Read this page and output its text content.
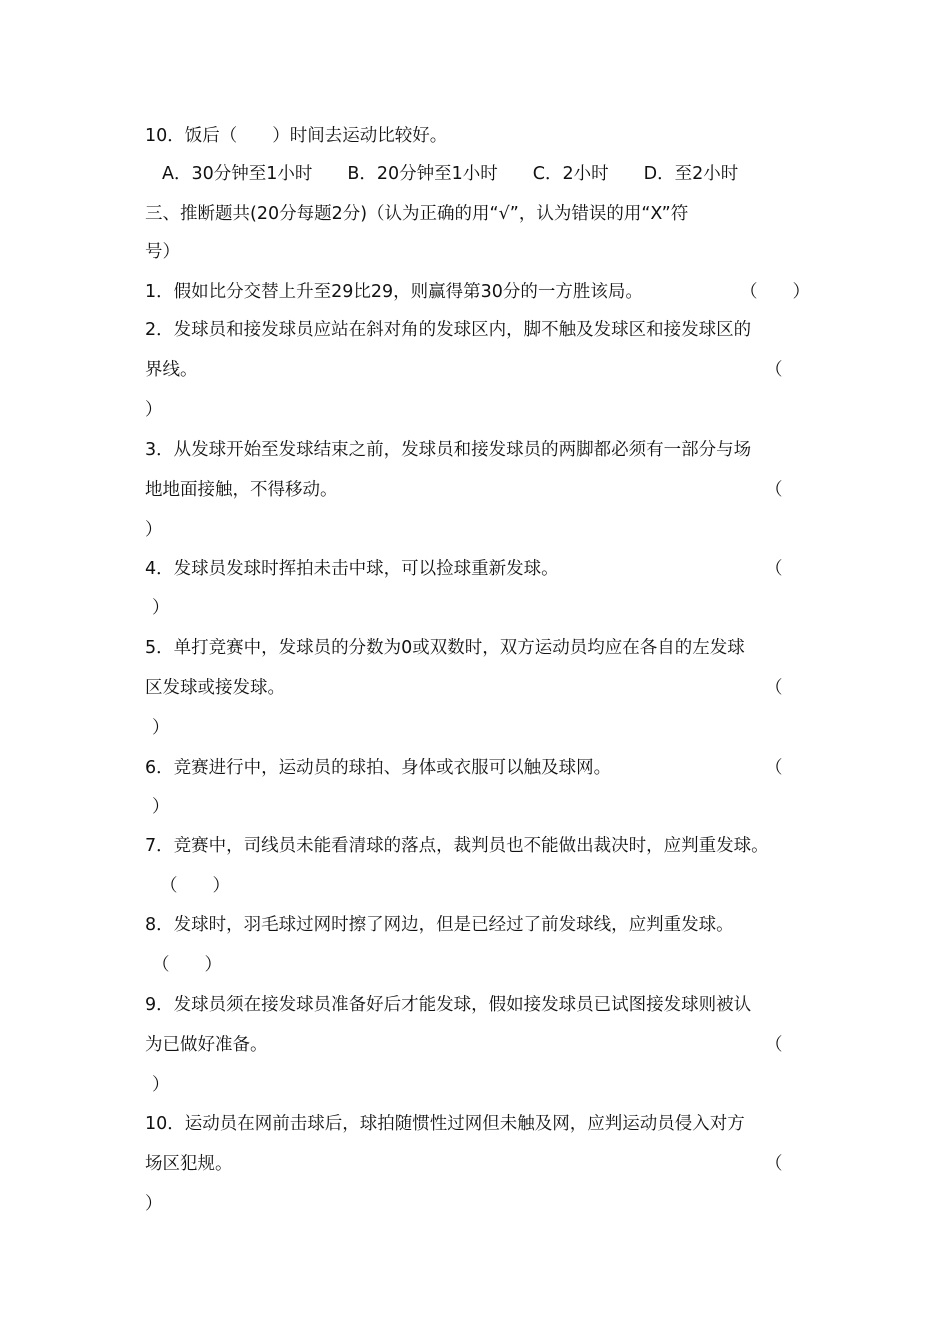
10．饭后（　　）时间去运动比较好。

A．30分钟至1小时　　B．20分钟至1小时　　C．2小时　　D．至2小时

三、推断题共(20分每题2分)（认为正确的用“√”，认为错误的用“X”符

号）

1．假如比分交替上升至29比29，则赢得第30分的一方胜该局。	（　　）

2．发球员和接发球员应站在斜对角的发球区内，脚不触及发球区和接发球区的

界线。	（
）

3．从发球开始至发球结束之前，发球员和接发球员的两脚都必须有一部分与场

地地面接触，不得移动。	（
）

4．发球员发球时挥拍未击中球，可以捡球重新发球。	（
）

5．单打竞赛中，发球员的分数为0或双数时，双方运动员均应在各自的左发球

区发球或接发球。	（
）

6．竞赛进行中，运动员的球拍、身体或衣服可以触及球网。	（
）

7．竞赛中，司线员未能看清球的落点，裁判员也不能做出裁决时，应判重发球。

（　　）

8．发球时，羽毛球过网时擦了网边，但是已经过了前发球线，应判重发球。

（　　）

9．发球员须在接发球员准备好后才能发球，假如接发球员已试图接发球则被认

为已做好准备。	（
）

10．运动员在网前击球后，球拍随惯性过网但未触及网，应判运动员侵入对方

场区犯规。	（
）
